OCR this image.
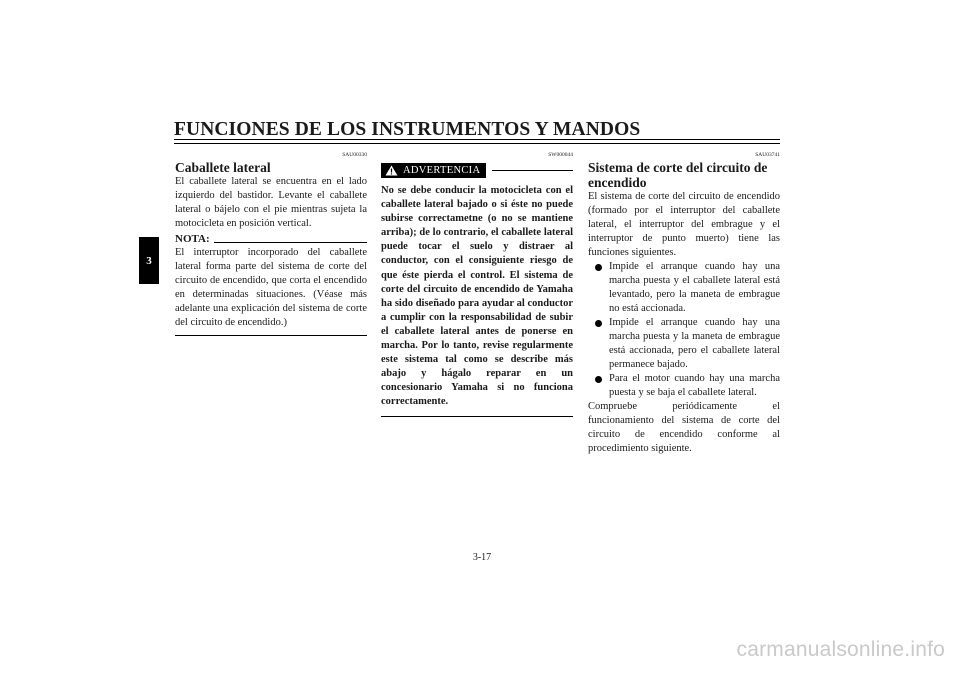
FUNCIONES DE LOS INSTRUMENTOS Y MANDOS
3
SAU00330
Caballete lateral

El caballete lateral se encuentra en el lado izquierdo del bastidor. Levante el caballete lateral o bájelo con el pie mientras sujeta la motocicleta en posición vertical.

NOTA:

El interruptor incorporado del caballete lateral forma parte del sistema de corte del circuito de encendido, que corta el encendido en determinadas situaciones. (Véase más adelante una explicación del sistema de corte del circuito de encendido.)

SW000044
ADVERTENCIA

No se debe conducir la motocicleta con el caballete lateral bajado o si éste no puede subirse correctametne (o no se mantiene arriba); de lo contrario, el caballete lateral puede tocar el suelo y distraer al conductor, con el consiguiente riesgo de que éste pierda el control. El sistema de corte del circuito de encendido de Yamaha ha sido diseñado para ayudar al conductor a cumplir con la responsabilidad de subir el caballete lateral antes de ponerse en marcha. Por lo tanto, revise regularmente este sistema tal como se describe más abajo y hágalo reparar en un concesionario Yamaha si no funciona correctamente.

SAU03741
Sistema de corte del circuito de encendido

El sistema de corte del circuito de encendido (formado por el interruptor del caballete lateral, el interruptor del embrague y el interruptor de punto muerto) tiene las funciones siguientes.

Impide el arranque cuando hay una marcha puesta y el caballete lateral está levantado, pero la maneta de embrague no está accionada.
Impide el arranque cuando hay una marcha puesta y la maneta de embrague está accionada, pero el caballete lateral permanece bajado.
Para el motor cuando hay una marcha puesta y se baja el caballete lateral.

Compruebe periódicamente el funcionamiento del sistema de corte del circuito de encendido conforme al procedimiento siguiente.

3-17
carmanualsonline.info
